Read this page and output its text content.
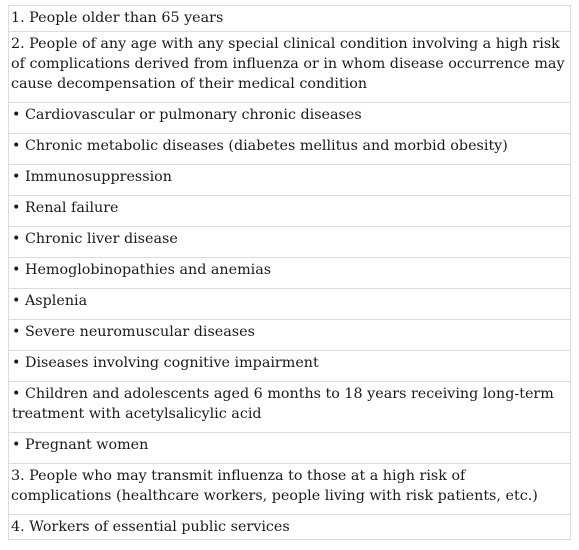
1. People older than 65 years
2. People of any age with any special clinical condition involving a high risk of complications derived from influenza or in whom disease occurrence may cause decompensation of their medical condition
• Cardiovascular or pulmonary chronic diseases
• Chronic metabolic diseases (diabetes mellitus and morbid obesity)
• Immunosuppression
• Renal failure
• Chronic liver disease
• Hemoglobinopathies and anemias
• Asplenia
• Severe neuromuscular diseases
• Diseases involving cognitive impairment
• Children and adolescents aged 6 months to 18 years receiving long-term treatment with acetylsalicylic acid
• Pregnant women
3. People who may transmit influenza to those at a high risk of complications (healthcare workers, people living with risk patients, etc.)
4. Workers of essential public services
